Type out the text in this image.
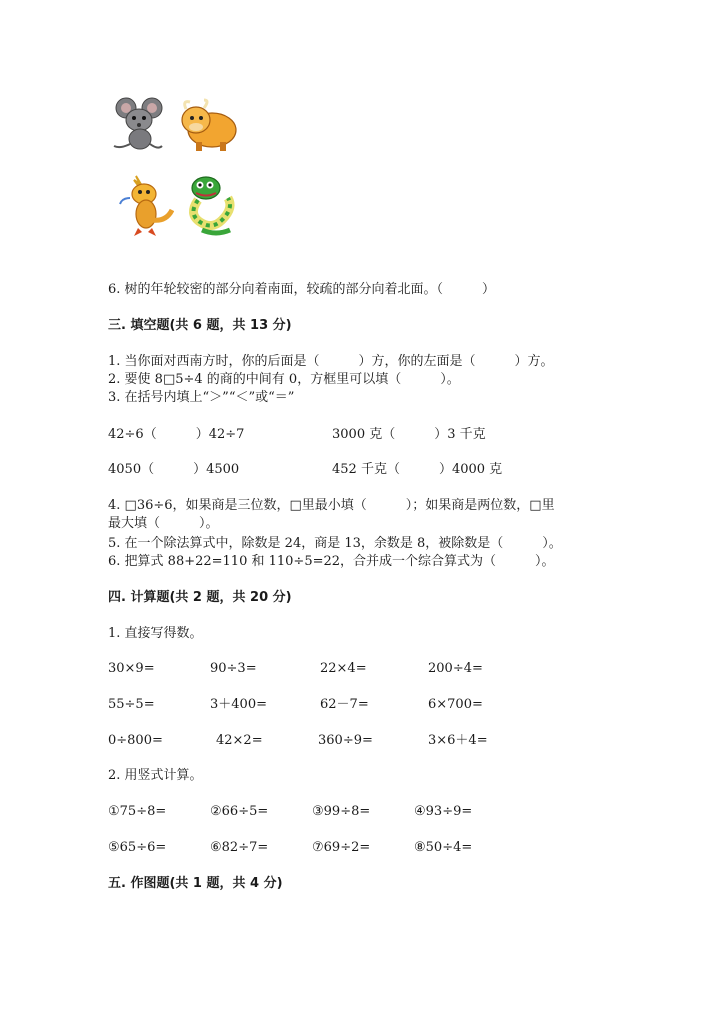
6. 树的年轮较密的部分向着南面，较疏的部分向着北面。（　　　）
三. 填空题(共 6 题，共 13 分)
1. 当你面对西南方时，你的后面是（　　　）方，你的左面是（　　　）方。
2. 要使 8□5÷4 的商的中间有 0，方框里可以填（　　　）。
3. 在括号内填上“＞”“＜”或“＝”
42÷6（　　　）42÷7	3000 克（　　　）3 千克
4050（　　　）4500	452 千克（　　　）4000 克
4. □36÷6，如果商是三位数，□里最小填（　　　）；如果商是两位数，□里
最大填（　　　）。
5. 在一个除法算式中，除数是 24，商是 13，余数是 8，被除数是（　　　）。
6. 把算式 88+22=110 和 110÷5=22，合并成一个综合算式为（　　　）。
四. 计算题(共 2 题，共 20 分)
1. 直接写得数。
30×9=	90÷3=	22×4=	200÷4=
55÷5=	3＋400=	62－7=	6×700=
0÷800=	42×2=	360÷9=	3×6＋4=
2. 用竖式计算。
①75÷8=	②66÷5=	③99÷8=	④93÷9=
⑤65÷6=	⑥82÷7=	⑦69÷2=	⑧50÷4=
五. 作图题(共 1 题，共 4 分)
